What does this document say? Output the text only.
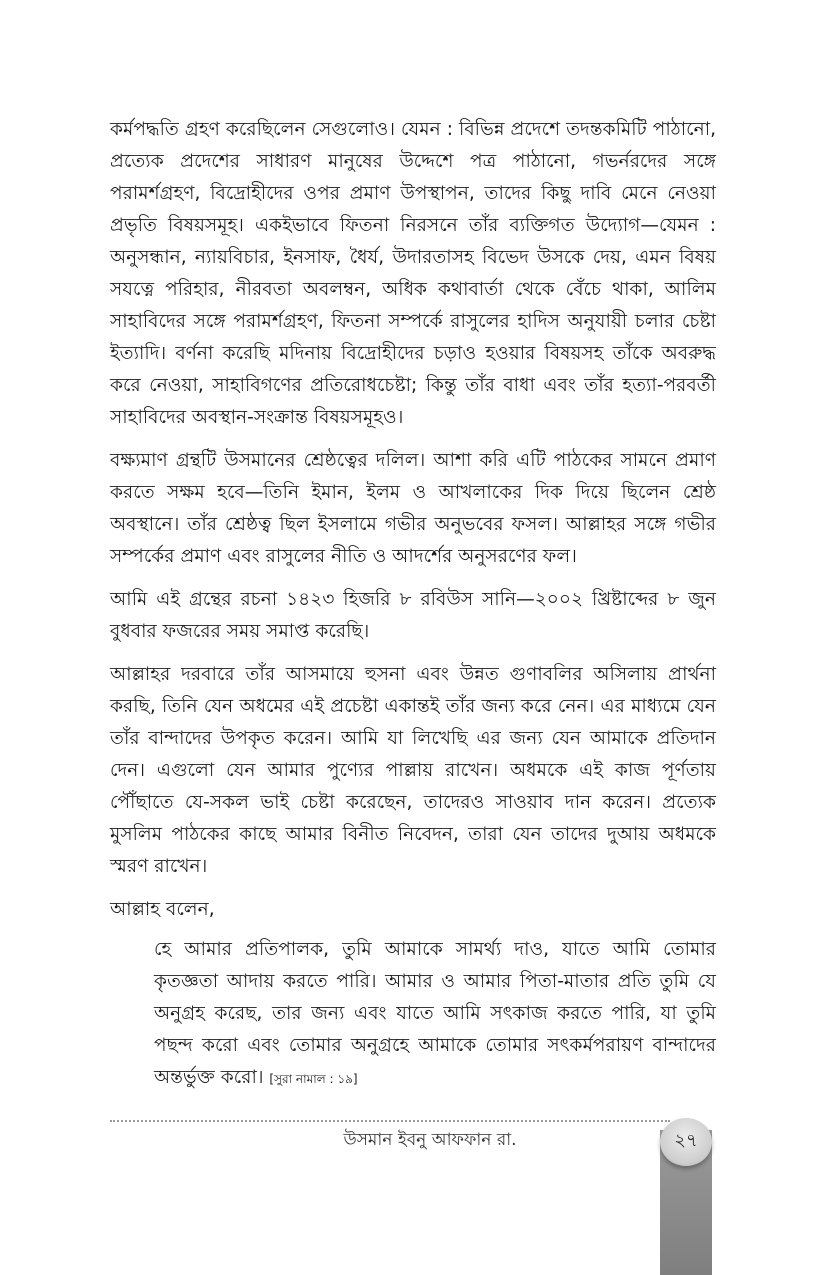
কর্মপদ্ধতি গ্রহণ করেছিলেন সেগুলোও। যেমন : বিভিন্ন প্রদেশে তদন্তকমিটি পাঠানো, প্রত্যেক প্রদেশের সাধারণ মানুষের উদ্দেশে পত্র পাঠানো, গভর্নরদের সঙ্গে পরামর্শগ্রহণ, বিদ্রোহীদের ওপর প্রমাণ উপস্থাপন, তাদের কিছু দাবি মেনে নেওয়া প্রভৃতি বিষয়সমূহ। একইভাবে ফিতনা নিরসনে তাঁর ব্যক্তিগত উদ্যোগ—যেমন : অনুসন্ধান, ন্যায়বিচার, ইনসাফ, ধৈর্য, উদারতাসহ বিভেদ উসকে দেয়, এমন বিষয় সযত্নে পরিহার, নীরবতা অবলম্বন, অধিক কথাবার্তা থেকে বেঁচে থাকা, আলিম সাহাবিদের সঙ্গে পরামর্শগ্রহণ, ফিতনা সম্পর্কে রাসুলের হাদিস অনুযায়ী চলার চেষ্টা ইত্যাদি। বর্ণনা করেছি মদিনায় বিদ্রোহীদের চড়াও হওয়ার বিষয়সহ তাঁকে অবরুদ্ধ করে নেওয়া, সাহাবিগণের প্রতিরোধচেষ্টা; কিন্তু তাঁর বাধা এবং তাঁর হত্যা-পরবর্তী সাহাবিদের অবস্থান-সংক্রান্ত বিষয়সমূহও।

বক্ষ্যমাণ গ্রন্থটি উসমানের শ্রেষ্ঠত্বের দলিল। আশা করি এটি পাঠকের সামনে প্রমাণ করতে সক্ষম হবে—তিনি ইমান, ইলম ও আখলাকের দিক দিয়ে ছিলেন শ্রেষ্ঠ অবস্থানে। তাঁর শ্রেষ্ঠত্ব ছিল ইসলামে গভীর অনুভবের ফসল। আল্লাহর সঙ্গে গভীর সম্পর্কের প্রমাণ এবং রাসুলের নীতি ও আদর্শের অনুসরণের ফল।

আমি এই গ্রন্থের রচনা ১৪২৩ হিজরি ৮ রবিউস সানি—২০০২ খ্রিষ্টাব্দের ৮ জুন বুধবার ফজরের সময় সমাপ্ত করেছি।

আল্লাহর দরবারে তাঁর আসমায়ে হুসনা এবং উন্নত গুণাবলির অসিলায় প্রার্থনা করছি, তিনি যেন অধমের এই প্রচেষ্টা একান্তই তাঁর জন্য করে নেন। এর মাধ্যমে যেন তাঁর বান্দাদের উপকৃত করেন। আমি যা লিখেছি এর জন্য যেন আমাকে প্রতিদান দেন। এগুলো যেন আমার পুণ্যের পাল্লায় রাখেন। অধমকে এই কাজ পূর্ণতায় পৌঁছাতে যে-সকল ভাই চেষ্টা করেছেন, তাদেরও সাওয়াব দান করেন। প্রত্যেক মুসলিম পাঠকের কাছে আমার বিনীত নিবেদন, তারা যেন তাদের দুআয় অধমকে স্মরণ রাখেন।

আল্লাহ বলেন,

হে আমার প্রতিপালক, তুমি আমাকে সামর্থ্য দাও, যাতে আমি তোমার কৃতজ্ঞতা আদায় করতে পারি। আমার ও আমার পিতা-মাতার প্রতি তুমি যে অনুগ্রহ করেছ, তার জন্য এবং যাতে আমি সৎকাজ করতে পারি, যা তুমি পছন্দ করো এবং তোমার অনুগ্রহে আমাকে তোমার সৎকর্মপরায়ণ বান্দাদের অন্তর্ভুক্ত করো। [সুরা নামাল : ১৯]
উসমান ইবনু আফফান রা.	২৭
